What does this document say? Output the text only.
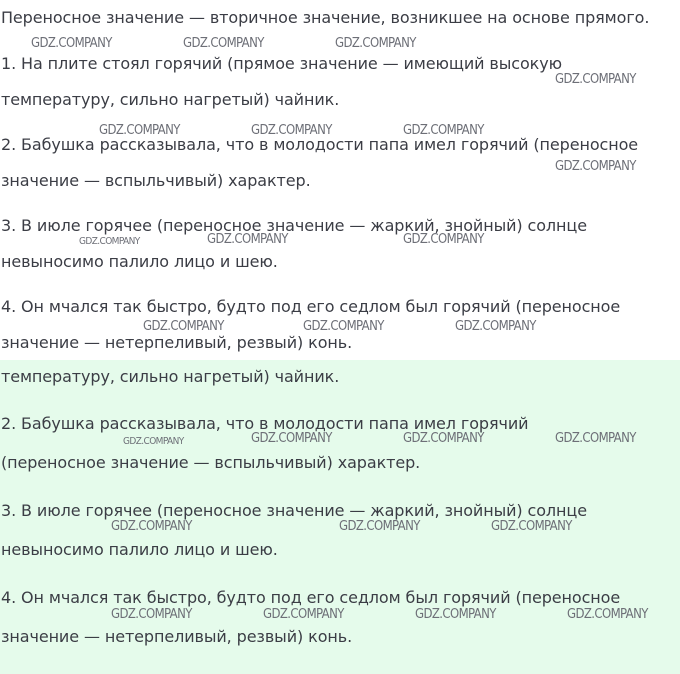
Переносное значение — вторичное значение, возникшее на основе прямого.

1. На плите стоял горячий (прямое значение — имеющий высокую

температуру, сильно нагретый) чайник.

2. Бабушка рассказывала, что в молодости папа имел горячий (переносное

значение — вспыльчивый) характер.

3. В июле горячее (переносное значение — жаркий, знойный) солнце

невыносимо палило лицо и шею.

4. Он мчался так быстро, будто под его седлом был горячий (переносное

значение — нетерпеливый, резвый) конь.

температуру, сильно нагретый) чайник.

2. Бабушка рассказывала, что в молодости папа имел горячий

(переносное значение — вспыльчивый) характер.

3. В июле горячее (переносное значение — жаркий, знойный) солнце

невыносимо палило лицо и шею.

4. Он мчался так быстро, будто под его седлом был горячий (переносное

значение — нетерпеливый, резвый) конь.

GDZ.COMPANY	GDZ.COMPANY	GDZ.COMPANY
GDZ.COMPANY
GDZ.COMPANY	GDZ.COMPANY	GDZ.COMPANY
GDZ.COMPANY
GDZ.COMPANY	GDZ.COMPANY	GDZ.COMPANY
GDZ.COMPANY	GDZ.COMPANY	GDZ.COMPANY
GDZ.COMPANY	GDZ.COMPANY	GDZ.COMPANY	GDZ.COMPANY
GDZ.COMPANY	GDZ.COMPANY	GDZ.COMPANY
GDZ.COMPANY	GDZ.COMPANY	GDZ.COMPANY	GDZ.COMPANY
